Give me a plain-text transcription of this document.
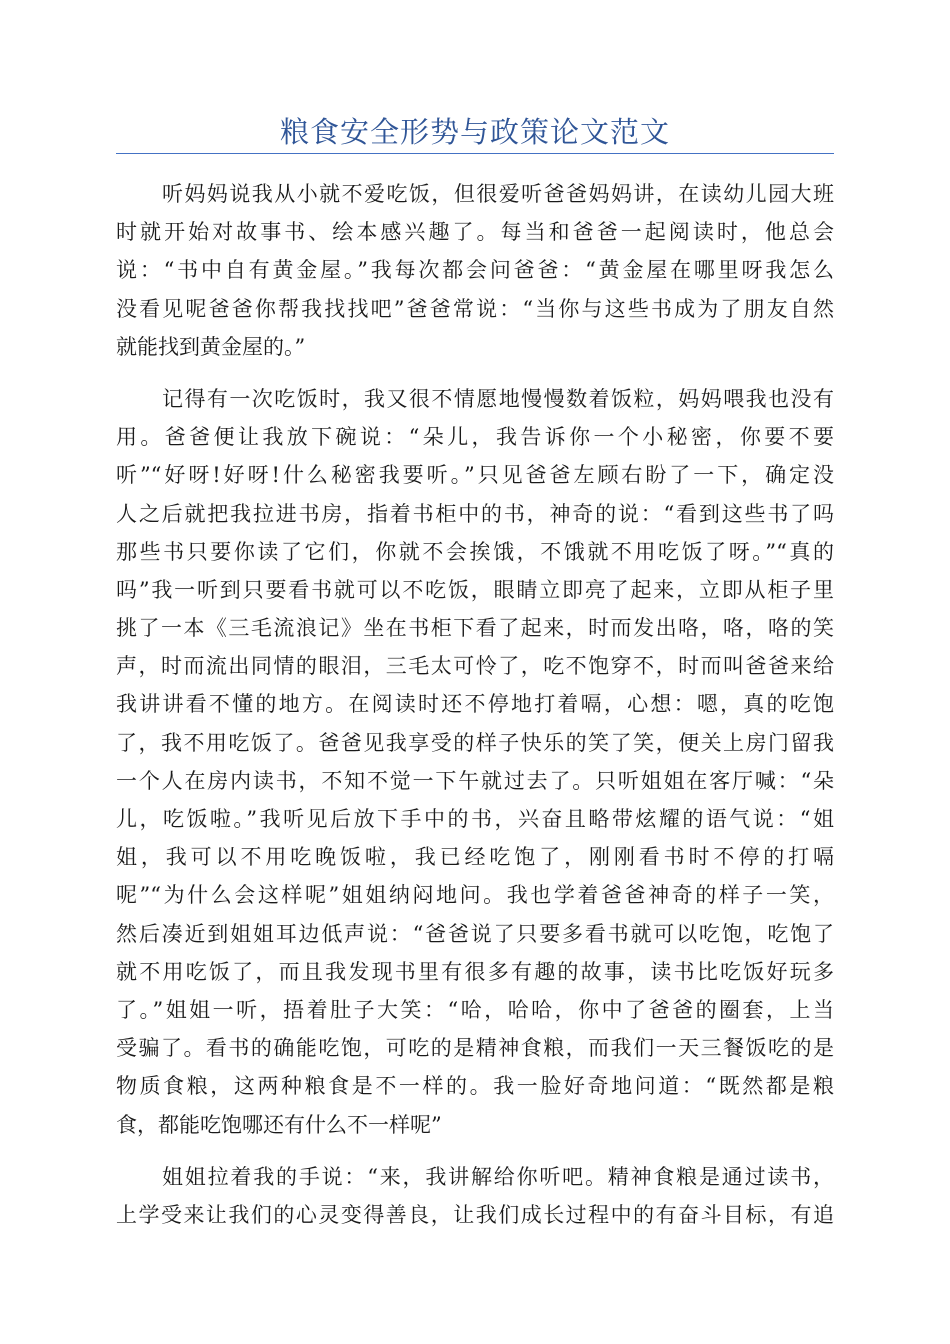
粮食安全形势与政策论文范文
听妈妈说我从小就不爱吃饭，但很爱听爸爸妈妈讲，在读幼儿园大班
时就开始对故事书、绘本感兴趣了。每当和爸爸一起阅读时，他总会
说：“书中自有黄金屋。”我每次都会问爸爸：“黄金屋在哪里呀我怎么
没看见呢爸爸你帮我找找吧”爸爸常说：“当你与这些书成为了朋友自然
就能找到黄金屋的。”
记得有一次吃饭时，我又很不情愿地慢慢数着饭粒，妈妈喂我也没有
用。爸爸便让我放下碗说：“朵儿，我告诉你一个小秘密，你要不要
听”“好呀!好呀!什么秘密我要听。”只见爸爸左顾右盼了一下，确定没
人之后就把我拉进书房，指着书柜中的书，神奇的说：“看到这些书了吗
那些书只要你读了它们，你就不会挨饿，不饿就不用吃饭了呀。”“真的
吗”我一听到只要看书就可以不吃饭，眼睛立即亮了起来，立即从柜子里
挑了一本《三毛流浪记》坐在书柜下看了起来，时而发出咯，咯，咯的笑
声，时而流出同情的眼泪，三毛太可怜了，吃不饱穿不，时而叫爸爸来给
我讲讲看不懂的地方。在阅读时还不停地打着嗝，心想：嗯，真的吃饱
了，我不用吃饭了。爸爸见我享受的样子快乐的笑了笑，便关上房门留我
一个人在房内读书，不知不觉一下午就过去了。只听姐姐在客厅喊：“朵
儿，吃饭啦。”我听见后放下手中的书，兴奋且略带炫耀的语气说：“姐
姐，我可以不用吃晚饭啦，我已经吃饱了，刚刚看书时不停的打嗝
呢”“为什么会这样呢”姐姐纳闷地问。我也学着爸爸神奇的样子一笑，
然后凑近到姐姐耳边低声说：“爸爸说了只要多看书就可以吃饱，吃饱了
就不用吃饭了，而且我发现书里有很多有趣的故事，读书比吃饭好玩多
了。”姐姐一听，捂着肚子大笑：“哈，哈哈，你中了爸爸的圈套，上当
受骗了。看书的确能吃饱，可吃的是精神食粮，而我们一天三餐饭吃的是
物质食粮，这两种粮食是不一样的。我一脸好奇地问道：“既然都是粮
食，都能吃饱哪还有什么不一样呢”
姐姐拉着我的手说：“来，我讲解给你听吧。精神食粮是通过读书，
上学受来让我们的心灵变得善良，让我们成长过程中的有奋斗目标，有追
